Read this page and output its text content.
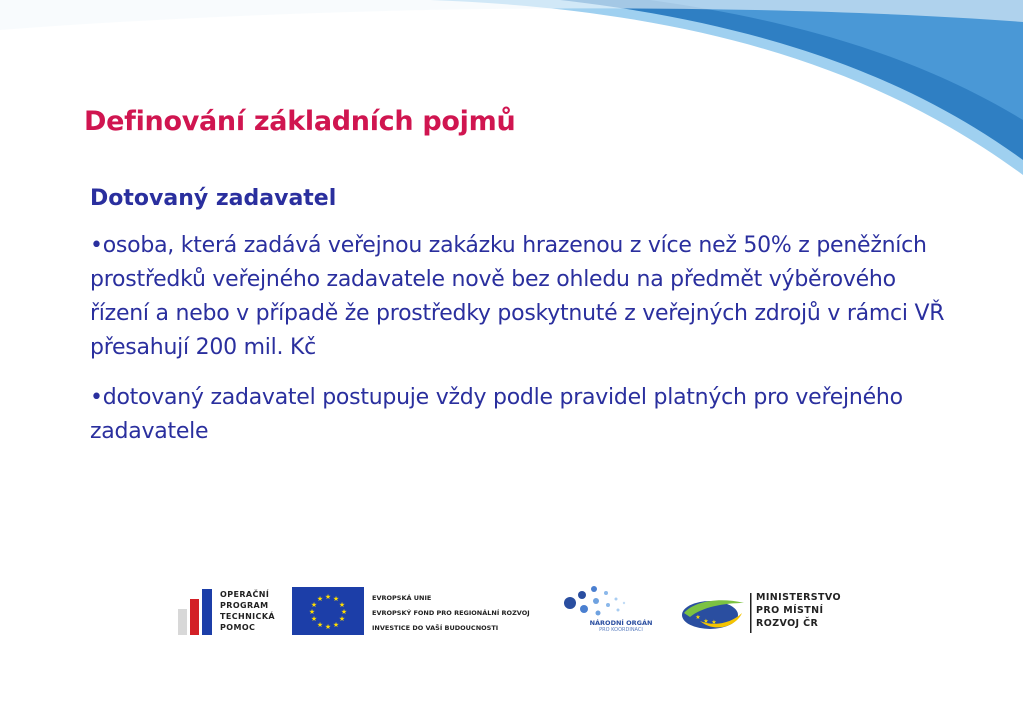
Definování základních pojmů

Dotovaný zadavatel

•osoba, která zadává veřejnou zakázku hrazenou z více než 50% z peněžních prostředků veřejného zadavatele nově bez ohledu na předmět výběrového řízení a nebo v případě že prostředky poskytnuté z veřejných zdrojů v rámci VŘ přesahují 200 mil. Kč

•dotovaný zadavatel postupuje vždy podle pravidel platných pro veřejného zadavatele

OPERAČNÍ
PROGRAM
TECHNICKÁ
POMOC
★ ★
★
★
★
★
★
★
★
★
★
★	EVROPSKÁ UNIE
EVROPSKÝ FOND PRO REGIONÁLNÍ ROZVOJ
INVESTICE DO VAŠÍ BUDOUCNOSTI
NÁRODNÍ ORGÁN
PRO KOORDINACI
★
★ ★
MINISTERSTVO
PRO MÍSTNÍ
ROZVOJ ČR
